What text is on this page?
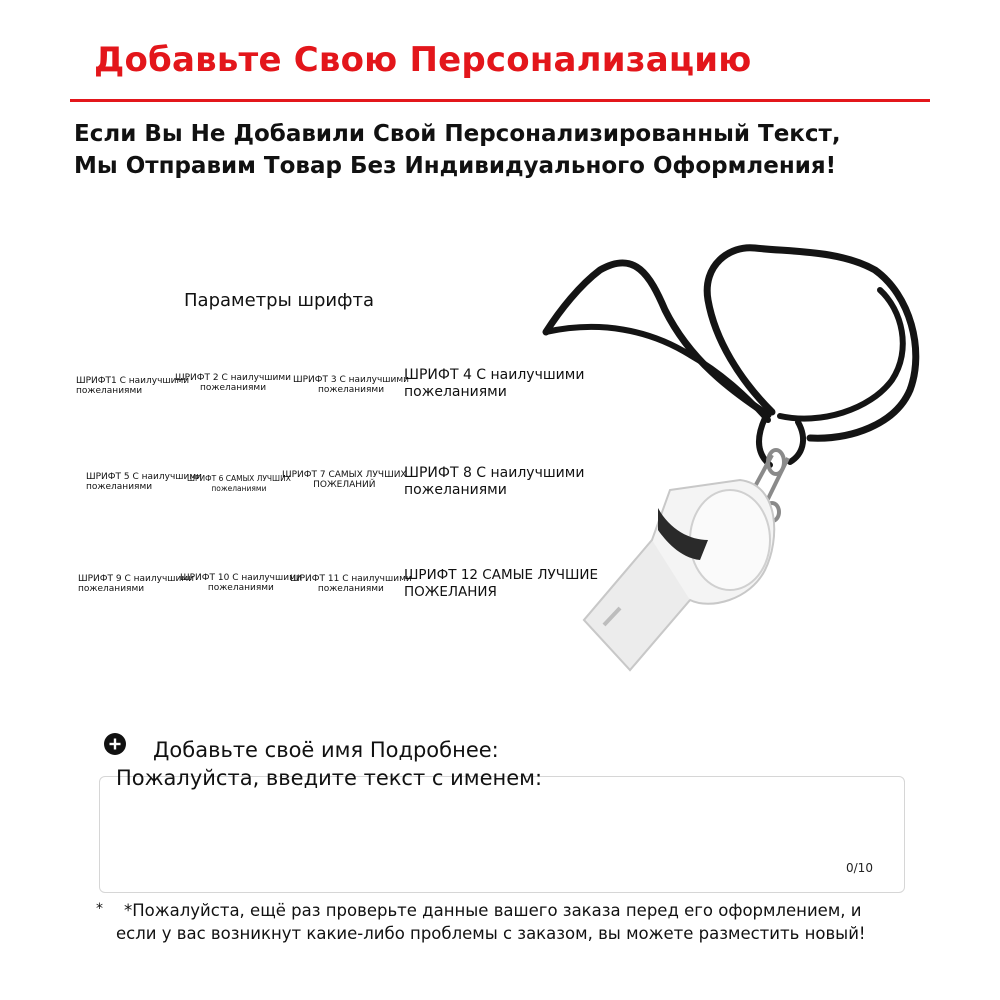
Добавьте Свою Персонализацию
Если Вы Не Добавили Свой Персонализированный Текст,
Мы Отправим Товар Без Индивидуального Оформления!
Параметры шрифта
ШРИФТ1 С наилучшими
пожеланиями
ШРИФТ 2 С наилучшими
пожеланиями
ШРИФТ 3 С наилучшими
пожеланиями
ШРИФТ 4 С наилучшими
пожеланиями
ШРИФТ 5 С наилучшими
пожеланиями
ШРИФТ 6 САМЫХ ЛУЧШИХ
пожеланиями
ШРИФТ 7 САМЫХ ЛУЧШИХ
ПОЖЕЛАНИЙ
ШРИФТ 8 С наилучшими
пожеланиями
ШРИФТ 9 С наилучшими
пожеланиями
ШРИФТ 10 С наилучшими
пожеланиями
ШРИФТ 11 С наилучшими
пожеланиями
ШРИФТ 12 САМЫЕ ЛУЧШИЕ
ПОЖЕЛАНИЯ
Добавьте своё имя Подробнее:
Пожалуйста, введите текст с именем:
0/10
*	*Пожалуйста, ещё раз проверьте данные вашего заказа перед его оформлением, и
если у вас возникнут какие-либо проблемы с заказом, вы можете разместить новый!
